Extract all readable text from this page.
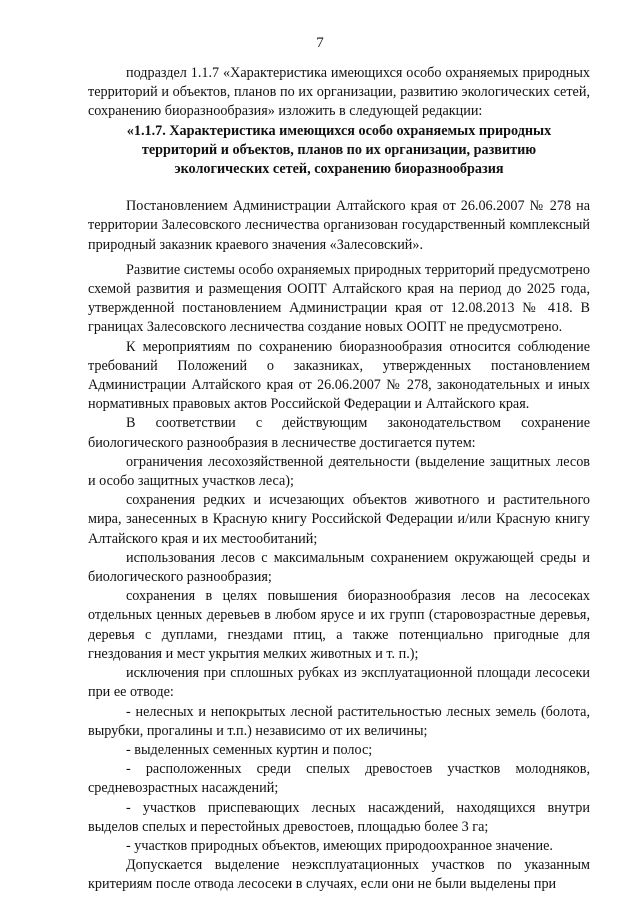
7

подраздел 1.1.7 «Характеристика имеющихся особо охраняемых природных территорий и объектов, планов по их организации, развитию экологических сетей, сохранению биоразнообразия» изложить в следующей редакции:

«1.1.7. Характеристика имеющихся особо охраняемых природных территорий и объектов, планов по их организации, развитию экологических сетей, сохранению биоразнообразия

Постановлением Администрации Алтайского края от 26.06.2007 № 278 на территории Залесовского лесничества организован государственный комплексный природный заказник краевого значения «Залесовский».

Развитие системы особо охраняемых природных территорий предусмотрено схемой развития и размещения ООПТ Алтайского края на период до 2025 года, утвержденной постановлением Администрации края от 12.08.2013 № 418. В границах Залесовского лесничества создание новых ООПТ не предусмотрено.

К мероприятиям по сохранению биоразнообразия относится соблюдение требований Положений о заказниках, утвержденных постановлением Администрации Алтайского края от 26.06.2007 № 278, законодательных и иных нормативных правовых актов Российской Федерации и Алтайского края.

В соответствии с действующим законодательством сохранение биологического разнообразия в лесничестве достигается путем:

ограничения лесохозяйственной деятельности (выделение защитных лесов и особо защитных участков леса);

сохранения редких и исчезающих объектов животного и растительного мира, занесенных в Красную книгу Российской Федерации и/или Красную книгу Алтайского края и их местообитаний;

использования лесов с максимальным сохранением окружающей среды и биологического разнообразия;

сохранения в целях повышения биоразнообразия лесов на лесосеках отдельных ценных деревьев в любом ярусе и их групп (старовозрастные деревья, деревья с дуплами, гнездами птиц, а также потенциально пригодные для гнездования и мест укрытия мелких животных и т. п.);

исключения при сплошных рубках из эксплуатационной площади лесосеки при ее отводе:

- нелесных и непокрытых лесной растительностью лесных земель (болота, вырубки, прогалины и т.п.) независимо от их величины;

- выделенных семенных куртин и полос;

- расположенных среди спелых древостоев участков молодняков, средневозрастных насаждений;

- участков приспевающих лесных насаждений, находящихся внутри выделов спелых и перестойных древостоев, площадью более 3 га;

- участков природных объектов, имеющих природоохранное значение.

Допускается выделение неэксплуатационных участков по указанным критериям после отвода лесосеки в случаях, если они не были выделены при
